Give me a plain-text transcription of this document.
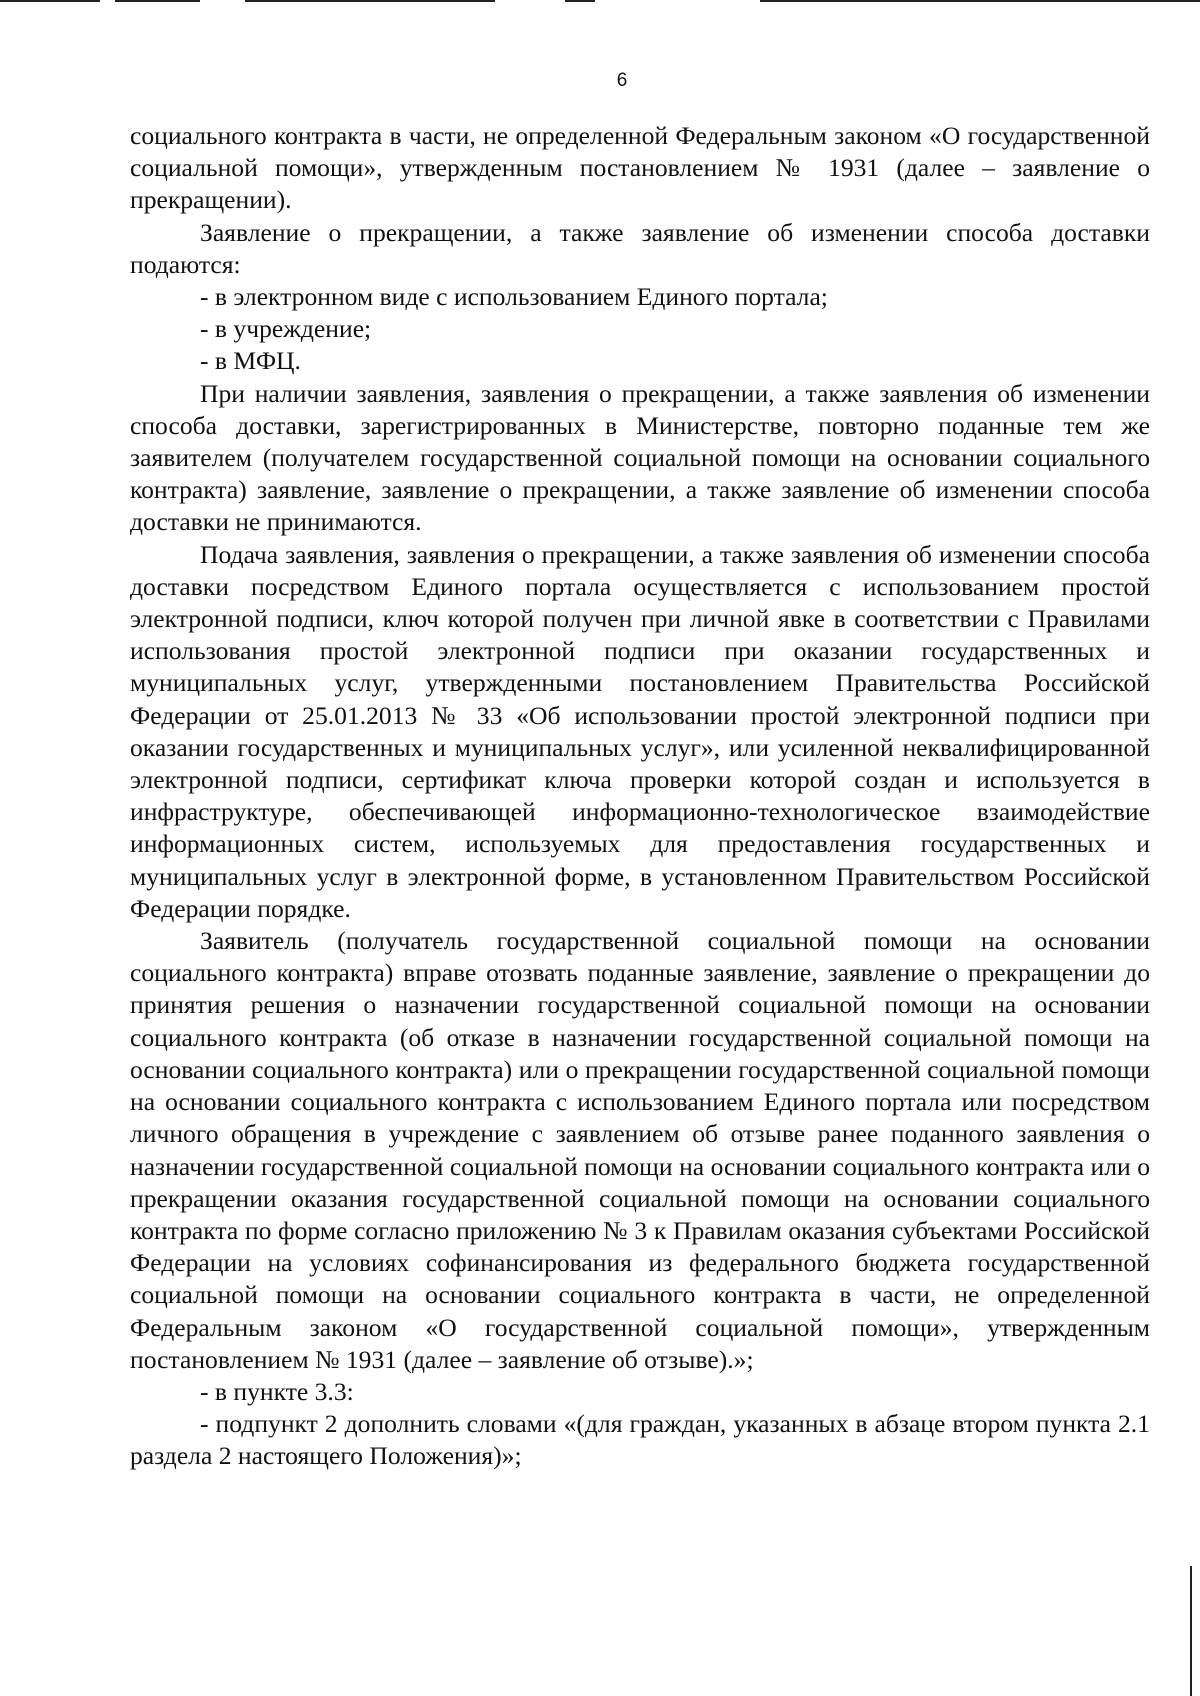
6

социального контракта в части, не определенной Федеральным законом «О государственной социальной помощи», утвержденным постановлением № 1931 (далее – заявление о прекращении).

Заявление о прекращении, а также заявление об изменении способа доставки подаются:

- в электронном виде с использованием Единого портала;

- в учреждение;

- в МФЦ.

При наличии заявления, заявления о прекращении, а также заявления об изменении способа доставки, зарегистрированных в Министерстве, повторно поданные тем же заявителем (получателем государственной социальной помощи на основании социального контракта) заявление, заявление о прекращении, а также заявление об изменении способа доставки не принимаются.

Подача заявления, заявления о прекращении, а также заявления об изменении способа доставки посредством Единого портала осуществляется с использованием простой электронной подписи, ключ которой получен при личной явке в соответствии с Правилами использования простой электронной подписи при оказании государственных и муниципальных услуг, утвержденными постановлением Правительства Российской Федерации от 25.01.2013 № 33 «Об использовании простой электронной подписи при оказании государственных и муниципальных услуг», или усиленной неквалифицированной электронной подписи, сертификат ключа проверки которой создан и используется в инфраструктуре, обеспечивающей информационно-технологическое взаимодействие информационных систем, используемых для предоставления государственных и муниципальных услуг в электронной форме, в установленном Правительством Российской Федерации порядке.

Заявитель (получатель государственной социальной помощи на основании социального контракта) вправе отозвать поданные заявление, заявление о прекращении до принятия решения о назначении государственной социальной помощи на основании социального контракта (об отказе в назначении государственной социальной помощи на основании социального контракта) или о прекращении государственной социальной помощи на основании социального контракта с использованием Единого портала или посредством личного обращения в учреждение с заявлением об отзыве ранее поданного заявления о назначении государственной социальной помощи на основании социального контракта или о прекращении оказания государственной социальной помощи на основании социального контракта по форме согласно приложению № 3 к Правилам оказания субъектами Российской Федерации на условиях софинансирования из федерального бюджета государственной социальной помощи на основании социального контракта в части, не определенной Федеральным законом «О государственной социальной помощи», утвержденным постановлением № 1931 (далее – заявление об отзыве).»;

- в пункте 3.3:

- подпункт 2 дополнить словами «(для граждан, указанных в абзаце втором пункта 2.1 раздела 2 настоящего Положения)»;
